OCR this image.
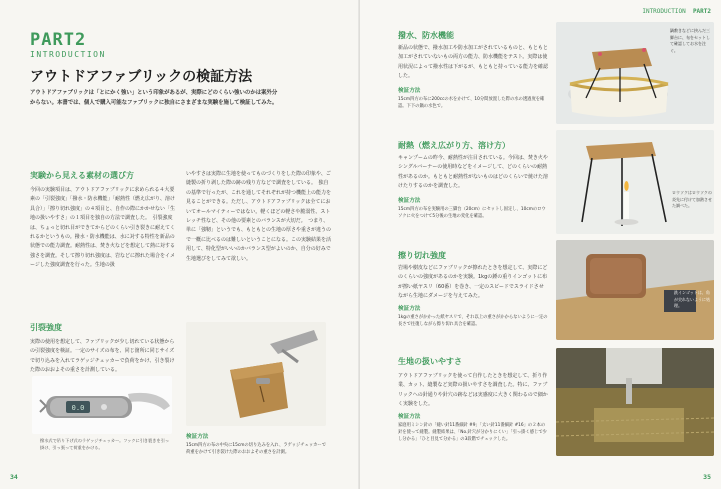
PART2
INTRODUCTION
アウトドアファブリックの検証方法
アウトドアファブリックは「とにかく強い」という印象があるが、実際にどのくらい強いのかは案外分からない。本書では、個人で購入可能なファブリックに独自にさまざまな実験を施して検証してみた。
実験から見える素材の選び方
今回の実験項目は、アウトドアファブリックに求められる４大要素の「引裂強度」「撥水・防水機能」「耐熱性（燃え広がり、溶け具合）」「擦り切れ強度」の４項目と、自作の際にかかせない「生地の扱いやすさ」の１項目を独自の方法で調査した。　引裂強度は、ちょっと切れ目ができてからどのくらい引き裂きに耐えてくれるかというもの。撥水・防水機能は、水に対する特性を新品の状態での能力調査。耐熱性は、焚き火などを想定して熱に対する強さを調査。そして擦り切れ強度は、岩などに擦れた場合をイメージした強度調査を行った。生地の扱
いやすさは実際に生地を使ってものづくりをした際の印象や、ご縫製の折り剥した際の跡の残り方などで調査をしている。　独自の基準で行ったが、これを通してそれぞれが持つ機能上の能力を見ることができる。ただし、アウトドアファブリックは全てにおいてオールマイティーではない。軽くほどの軽さや脆弱性、ストレッチ性など、その他の要素とのバランスが大切だ。　つまり、単に「強靭」というでも、もともとの生地の厚さや重さが違うので一概に比べるのは難しいということになる。この実験結果を活用して、特化型がいいのかバランス型がよいのか、自分の好みで生地選びをしてみて欲しい。
引裂強度
実際の使用を想定して、ファブリックが少し切れている状態からの引裂強度を検証。一定のサイズの布を、同じ箇所に同じサイズで切り込みを入れてラゲッジチェッカーで負荷をかけ、引き裂けた際のおおよその重さを計測している。
0.0
撥水式で吊り下げ式のラゲッジチェッカー。フックに引き裂きを引っ掛け、引っ張って荷重をかける。
検証方法
15cm四方の布の中央に15cmの切り込みを入れ、ラゲッジチェッカーで荷重をかけて引き裂けた際のおおよその重さを計測。
34
INTRODUCTION PART2
撥水、防水機能
新品の状態で、撥水加工や防水加工がされているものと、もともと加工がされていないもの両方の能力、防水機能をテスト。実際は使用状況によって撥水性は下がるが、もともと持っている能力を確認した。
検証方法
15cm四方の布に200ccの水をかけて、10分間放置した際の水の透過度を確認。下下の鍋の水色で。
鍋敷きなどに挟んだ三脚台に、布をセットして確認してお水を注ぐ。
耐熱（燃え広がり方、溶け方）
キャンプームの昨今、耐熱性が注目されている。今回は、焚き火やシングルバーナーの使用時などをイメージして、どのくらいの耐熱性があるのか。もともと耐熱性がないものはどのくらいで焼けた溶けたりするのかを調査した。
検証方法
15cm四方の布を実験用の三脚台（20cm）にセットし固定し、10cmのロウソクに火をつけて5分後の生地の変化を確認。
ロウソクはロウソクの炎先に付けて加熱させた調べた。
擦り切れ強度
岩場や樹皮などにファブリックが擦れたときを想定して、実際にどのくらいの強度があるのかを実験。1kgの錘の重りインゴットに布が擦い紙ヤスリ（60番）を巻き、一定のスピードでスライドさせながら生地にダメージを与えてみた。
検証方法
1kgの重さがかかった紙ヤスリで、それ以上の重さがかからないように一定の長さで往復しながら擦り切れ具合を確認。
鉄インゴットは、角が尖れないように処理。
生地の扱いやすさ
アウトドアファブリックを使って自作したときを想定して、折り作業、カット、縫製など実際の扱いやすさを調査した。特に、ファブリックへの針通りや針穴の跡などは実感度に大きく関わるので細かく実験をした。
検証方法
家庭用ミシン針の「縫い針11番細針 #9」「太い針11番細針 #16」の２本の針を使って縫製。縫製結果は、「No.針穴が分かりにくい」「引っ掛く感じで少し分かる」「ひと目見て分かる」の3段階でチェックした。
35
